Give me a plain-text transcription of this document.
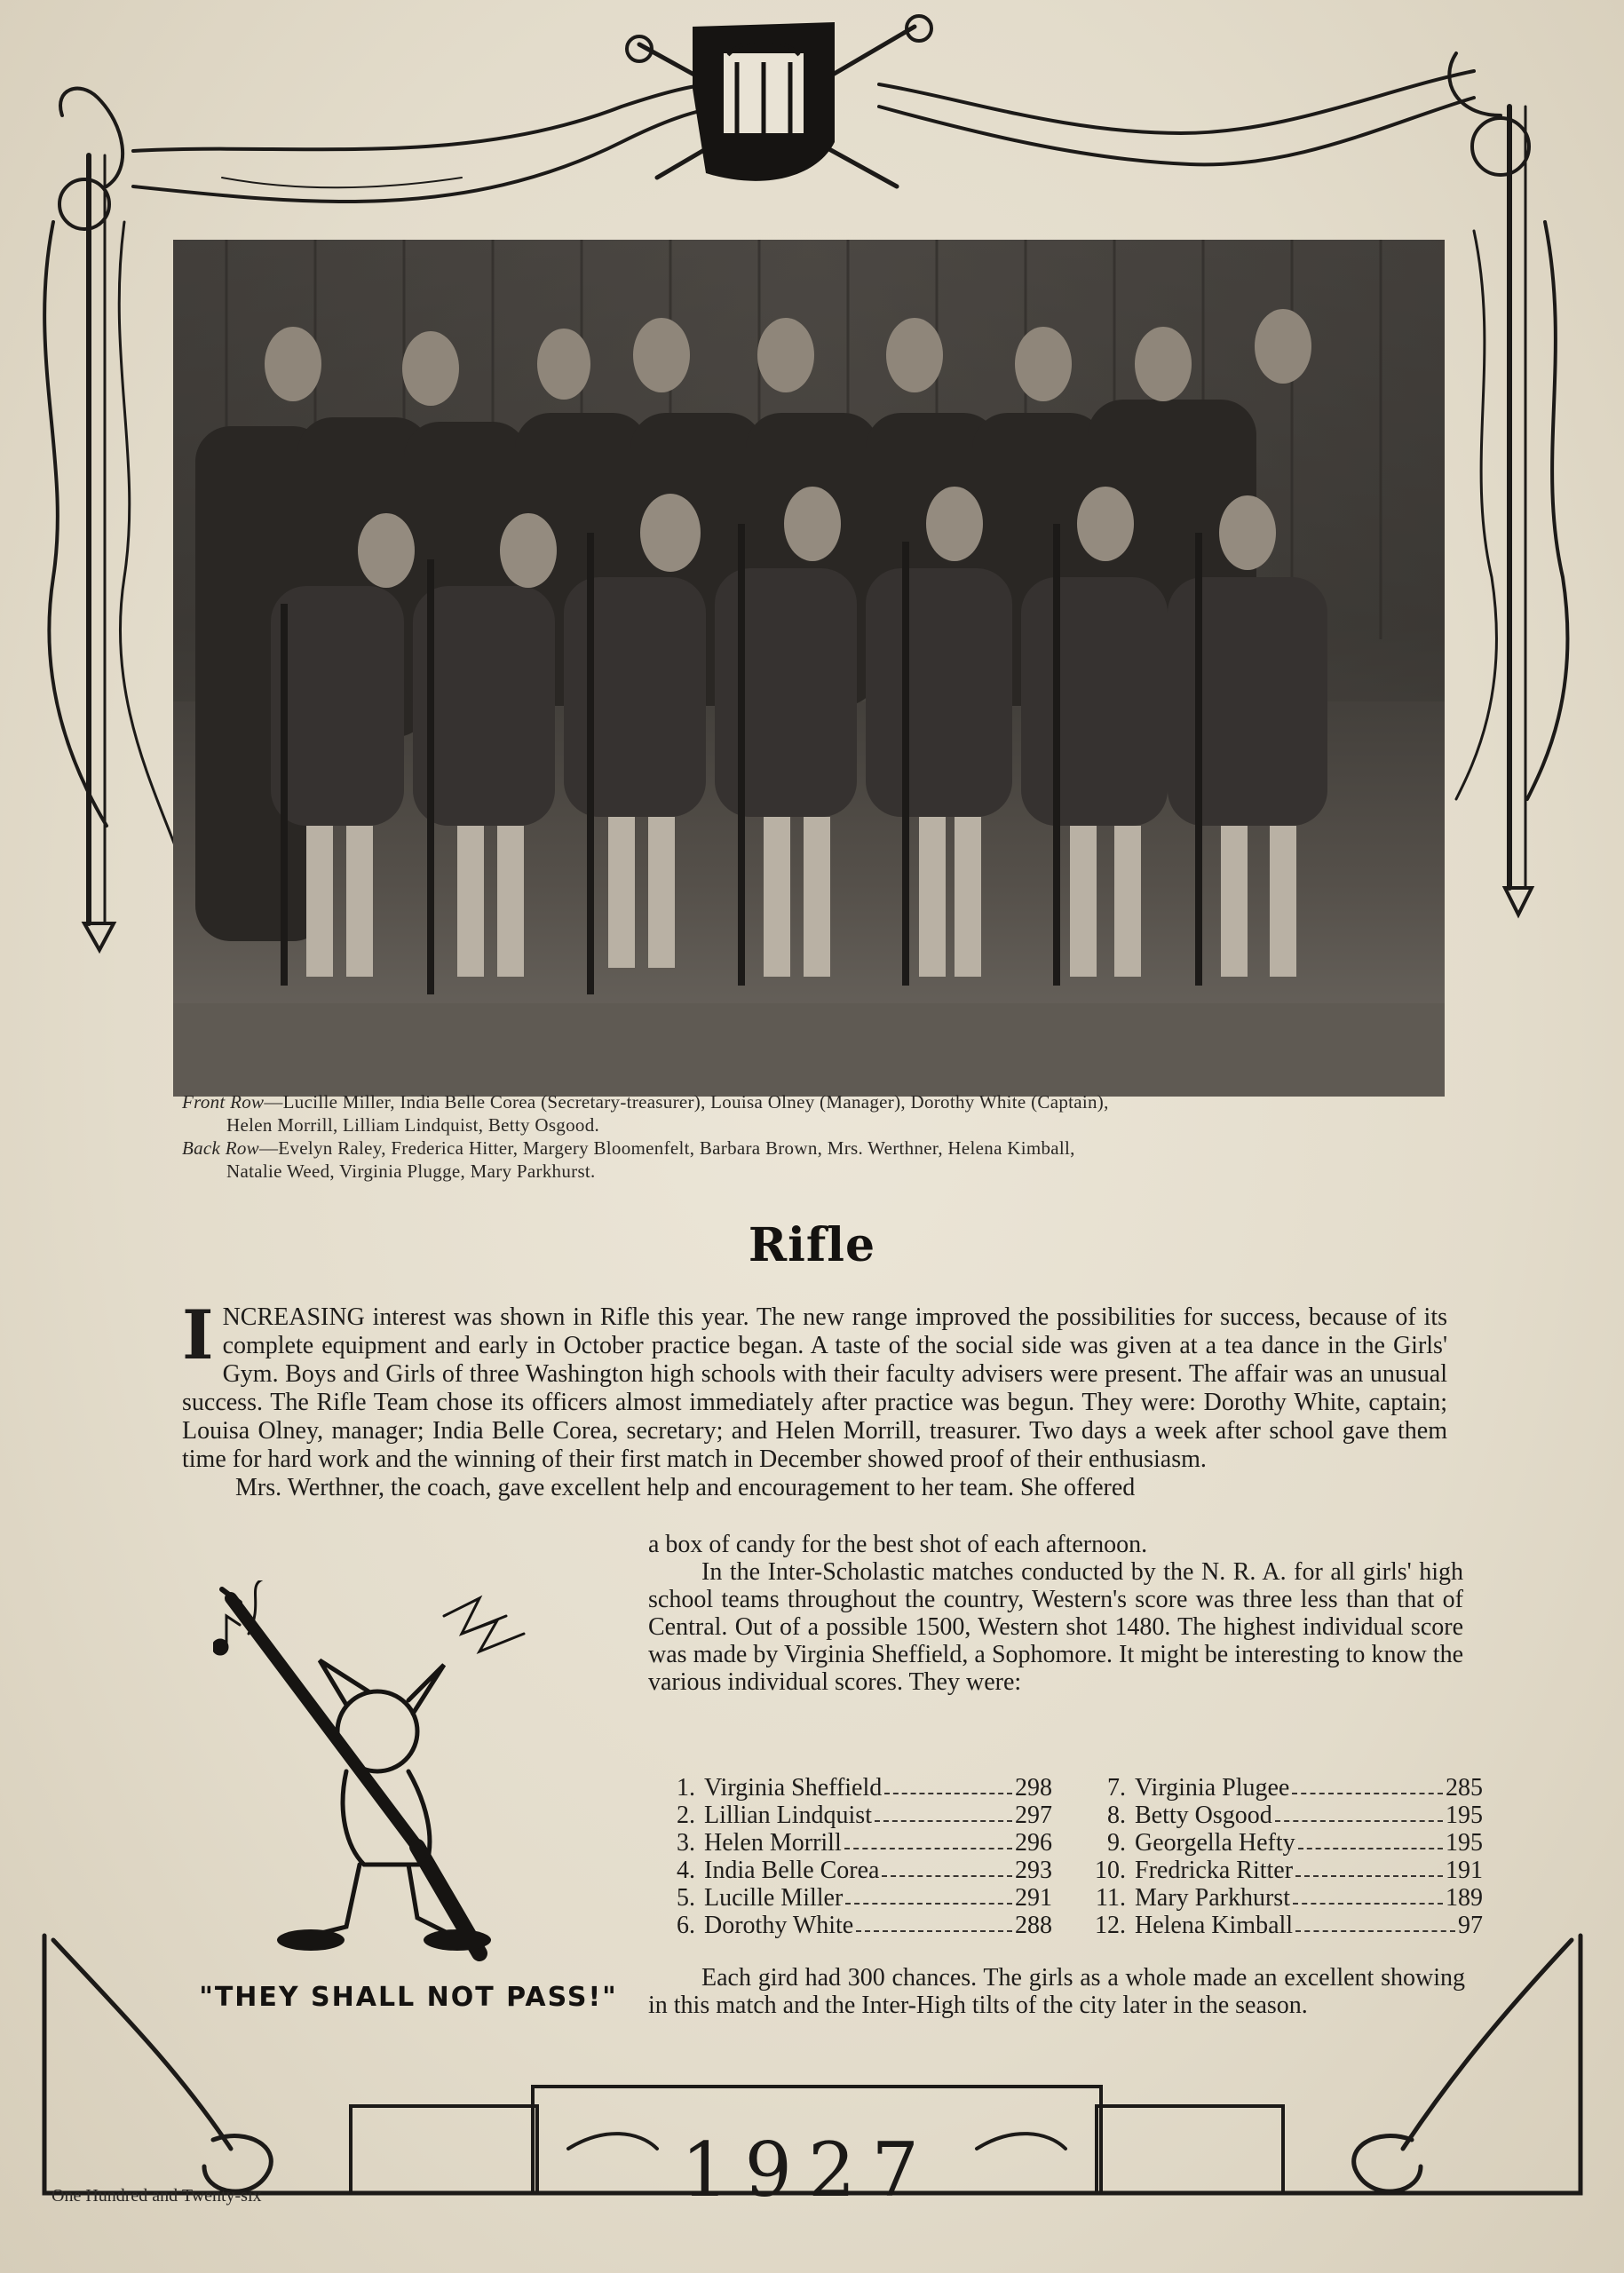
Front Row—Lucille Miller, India Belle Corea (Secretary-treasurer), Louisa Olney (Manager), Dorothy White (Captain),
Helen Morrill, Lilliam Lindquist, Betty Osgood.
Back Row—Evelyn Raley, Frederica Hitter, Margery Bloomenfelt, Barbara Brown, Mrs. Werthner, Helena Kimball,
Natalie Weed, Virginia Plugge, Mary Parkhurst.
Rifle
I NCREASING interest was shown in Rifle this year. The new range improved the possibilities for success, because of its complete equipment and early in October practice began. A taste of the social side was given at a tea dance in the Girls' Gym. Boys and Girls of three Washington high schools with their faculty advisers were present. The affair was an unusual success. The Rifle Team chose its officers almost immediately after practice was begun. They were: Dorothy White, captain; Louisa Olney, manager; India Belle Corea, secretary; and Helen Morrill, treasurer. Two days a week after school gave them time for hard work and the winning of their first match in December showed proof of their enthusiasm.

Mrs. Werthner, the coach, gave excellent help and encouragement to her team. She offered

a box of candy for the best shot of each afternoon.

In the Inter-Scholastic matches conducted by the N. R. A. for all girls' high school teams throughout the country, Western's score was three less than that of Central. Out of a possible 1500, Western shot 1480. The highest individual score was made by Virginia Sheffield, a Sophomore. It might be interesting to know the various individual scores. They were:

1. Virginia Sheffield	298
2. Lillian Lindquist	297
3. Helen Morrill	296
4. India Belle Corea	293
5. Lucille Miller	291
6. Dorothy White	288
7. Virginia Plugee	285
8. Betty Osgood	195
9. Georgella Hefty	195
10. Fredricka Ritter	191
11. Mary Parkhurst	189
12. Helena Kimball	97

Each gird had 300 chances. The girls as a whole made an excellent showing in this match and the Inter-High tilts of the city later in the season.

"THEY SHALL NOT PASS!"
1927
One Hundred and Twenty-six
